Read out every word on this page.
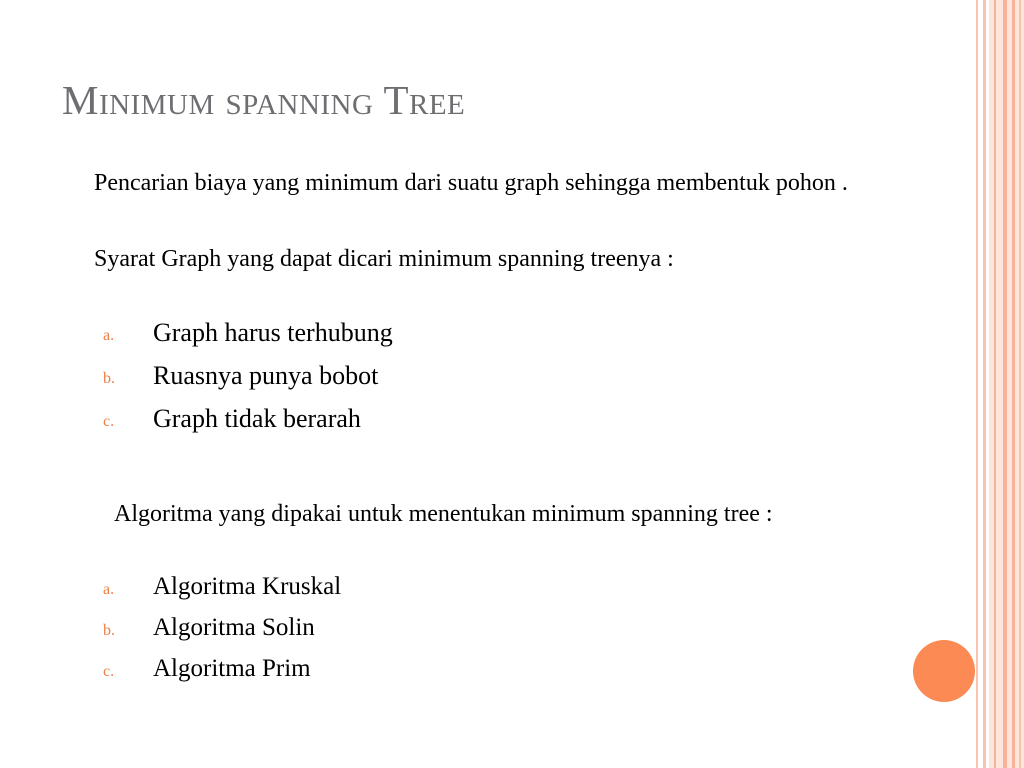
Minimum spanning Tree

Pencarian biaya yang minimum dari suatu graph sehingga membentuk pohon .

Syarat Graph yang dapat dicari minimum spanning treenya :

a. Graph harus terhubung
b. Ruasnya punya bobot
c. Graph tidak berarah

Algoritma yang dipakai untuk menentukan minimum spanning tree :

a. Algoritma Kruskal
b. Algoritma Solin
c. Algoritma Prim
